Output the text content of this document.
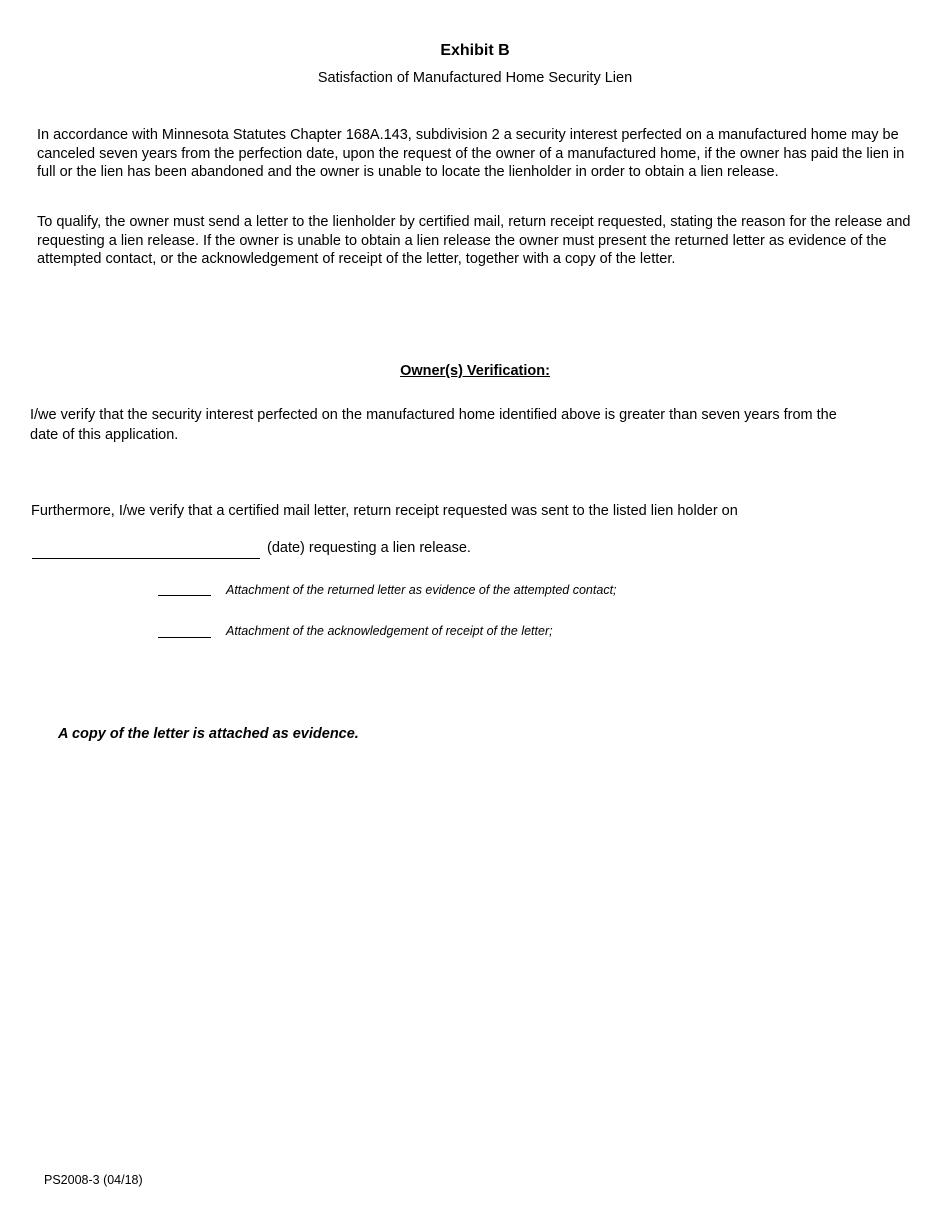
Exhibit B
Satisfaction of Manufactured Home Security Lien
In accordance with Minnesota Statutes Chapter 168A.143, subdivision 2 a security interest perfected on a manufactured home may be canceled seven years from the perfection date, upon the request of the owner of a manufactured home, if the owner has paid the lien in full or the lien has been abandoned and the owner is unable to locate the lienholder in order to obtain a lien release.
To qualify, the owner must send a letter to the lienholder by certified mail, return receipt requested, stating the reason for the release and requesting a lien release. If the owner is unable to obtain a lien release the owner must present the returned letter as evidence of the attempted contact, or the acknowledgement of receipt of the letter, together with a copy of the letter.
Owner(s) Verification:
I/we verify that the security interest perfected on the manufactured home identified above is greater than seven years from the date of this application.
Furthermore, I/we verify that a certified mail letter, return receipt requested was sent to the listed lien holder on
(date) requesting a lien release.
Attachment of the returned letter as evidence of the attempted contact;
Attachment of the acknowledgement of receipt of the letter;
A copy of the letter is attached as evidence.
PS2008-3 (04/18)
